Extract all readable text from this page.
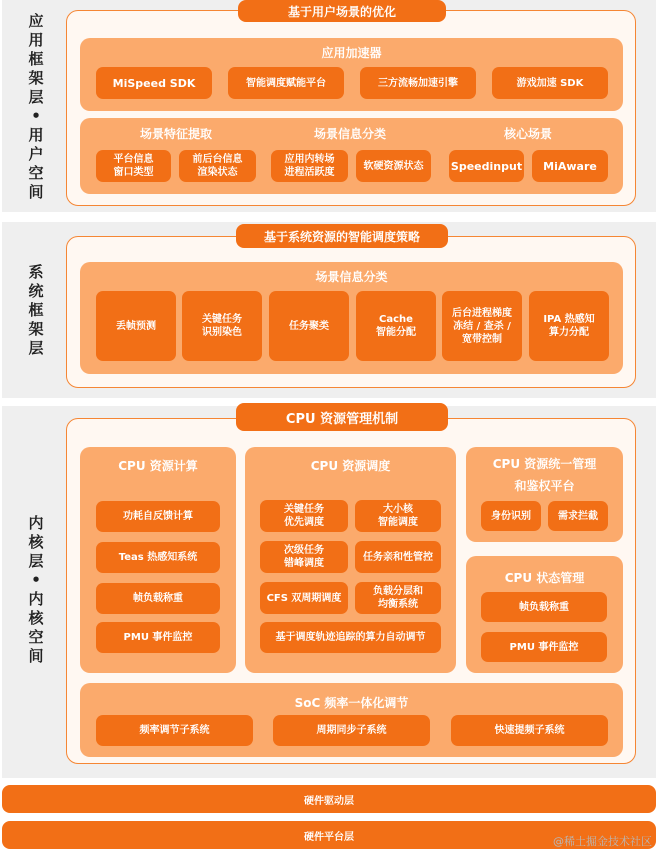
应
用
框
架
层
•
用
户
空
间
基于用户场景的优化
应用加速器
MiSpeed SDK	智能调度赋能平台	三方流畅加速引擎	游戏加速 SDK
场景特征提取	场景信息分类	核心场景
平台信息
窗口类型
前后台信息
渲染状态
应用内转场
进程活跃度
软硬资源状态 Speedinput	MiAware
系
统
框
架
层
基于系统资源的智能调度策略
场景信息分类
丢帧预测
关键任务
识别染色
任务聚类
Cache
智能分配
后台进程梯度
冻结 / 查杀 /
宽带控制
IPA 热感知
算力分配
内
核
层
•
内
核
空
间
CPU 资源管理机制
CPU 资源计算
功耗自反馈计算
Teas 热感知系统
帧负载称重
PMU 事件监控
CPU 资源调度
关键任务
优先调度
大小核
智能调度
次级任务
错峰调度
任务亲和性管控
CFS 双周期调度
负载分层和
均衡系统
基于调度轨迹追踪的算力自动调节
CPU 资源统一管理
和鉴权平台
身份识别	需求拦截
CPU 状态管理
帧负载称重
PMU 事件监控
SoC 频率一体化调节
频率调节子系统	周期同步子系统	快速提频子系统
硬件驱动层
硬件平台层	@稀土掘金技术社区
